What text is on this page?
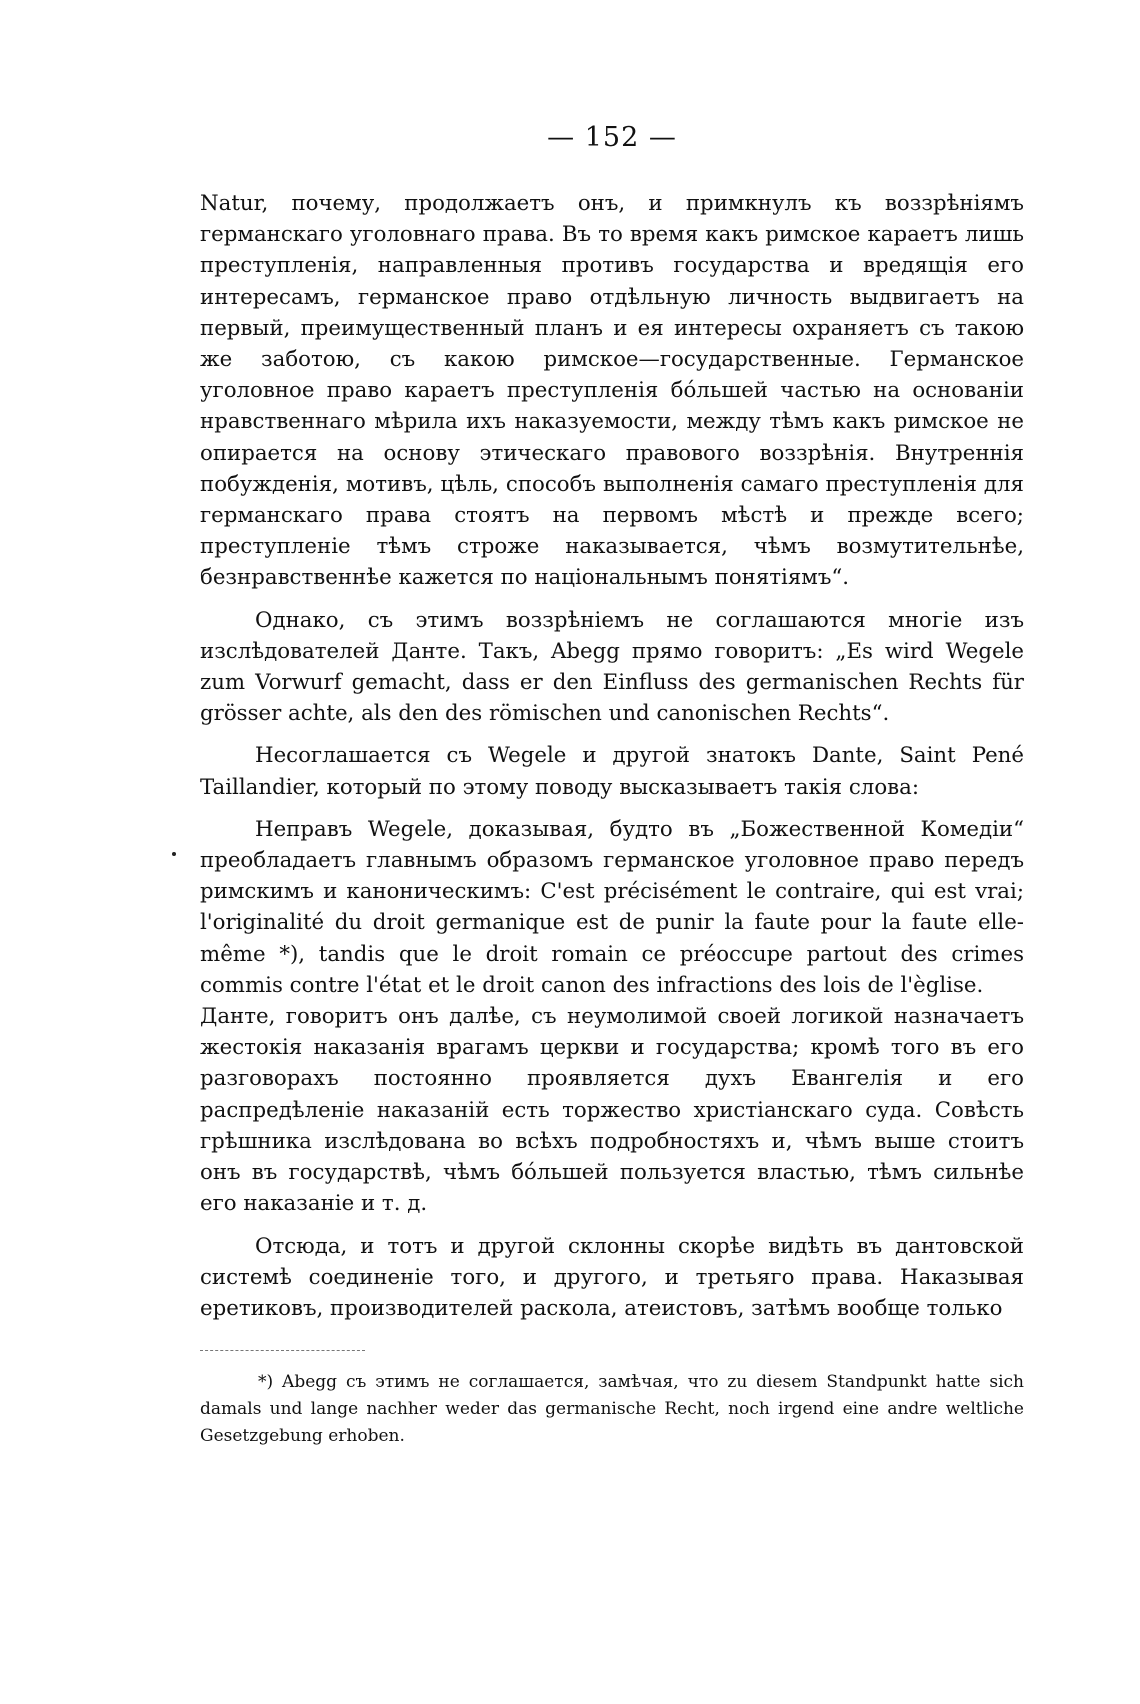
— 152 —

Natur, почему, продолжаетъ онъ, и примкнулъ къ воззрѣніямъ германскаго уголовнаго права. Въ то время какъ римское караетъ лишь преступленія, направленныя противъ государства и вредящія его интересамъ, германское право отдѣльную личность выдвигаетъ на первый, преимущественный планъ и ея интересы охраняетъ съ такою же заботою, съ какою римское—государственные. Германское уголовное право караетъ преступленія бóльшей частью на основаніи нравственнаго мѣрила ихъ наказуемости, между тѣмъ какъ римское не опирается на основу этическаго правового воззрѣнія. Внутреннія побужденія, мотивъ, цѣль, способъ выполненія самаго преступленія для германскаго права стоятъ на первомъ мѣстѣ и прежде всего; преступленіе тѣмъ строже наказывается, чѣмъ возмутительнѣе, безнравственнѣе кажется по національнымъ понятіямъ“.

Однако, съ этимъ воззрѣніемъ не соглашаются многіе изъ изслѣдователей Данте. Такъ, Abegg прямо говоритъ: „Es wird Wegele zum Vorwurf gemacht, dass er den Einfluss des germanischen Rechts für grösser achte, als den des römischen und canonischen Rechts“.

Несоглашается съ Wegele и другой знатокъ Dante, Saint Pené Taillandier, который по этому поводу высказываетъ такія слова:

Неправъ Wegele, доказывая, будто въ „Божественной Комедіи“ преобладаетъ главнымъ образомъ германское уголовное право передъ римскимъ и каноническимъ: C'est précisément le contraire, qui est vrai; l'originalité du droit germanique est de punir la faute pour la faute elle-même *), tandis que le droit romain ce préoccupe partout des crimes commis contre l'état et le droit canon des infractions des lois de l'èglise.

Данте, говоритъ онъ далѣе, съ неумолимой своей логикой назначаетъ жестокія наказанія врагамъ церкви и государства; кромѣ того въ его разговорахъ постоянно проявляется духъ Евангелія и его распредѣленіе наказаній есть торжество христіанскаго суда. Совѣсть грѣшника изслѣдована во всѣхъ подробностяхъ и, чѣмъ выше стоитъ онъ въ государствѣ, чѣмъ бóльшей пользуется властью, тѣмъ сильнѣе его наказаніе и т. д.

Отсюда, и тотъ и другой склонны скорѣе видѣть въ дантовской системѣ соединеніе того, и другого, и третьяго права. Наказывая еретиковъ, производителей раскола, атеистовъ, затѣмъ вообще только

*) Abegg съ этимъ не соглашается, замѣчая, что zu diesem Standpunkt hatte sich damals und lange nachher weder das germanische Recht, noch irgend eine andre weltliche Gesetzgebung erhoben.
